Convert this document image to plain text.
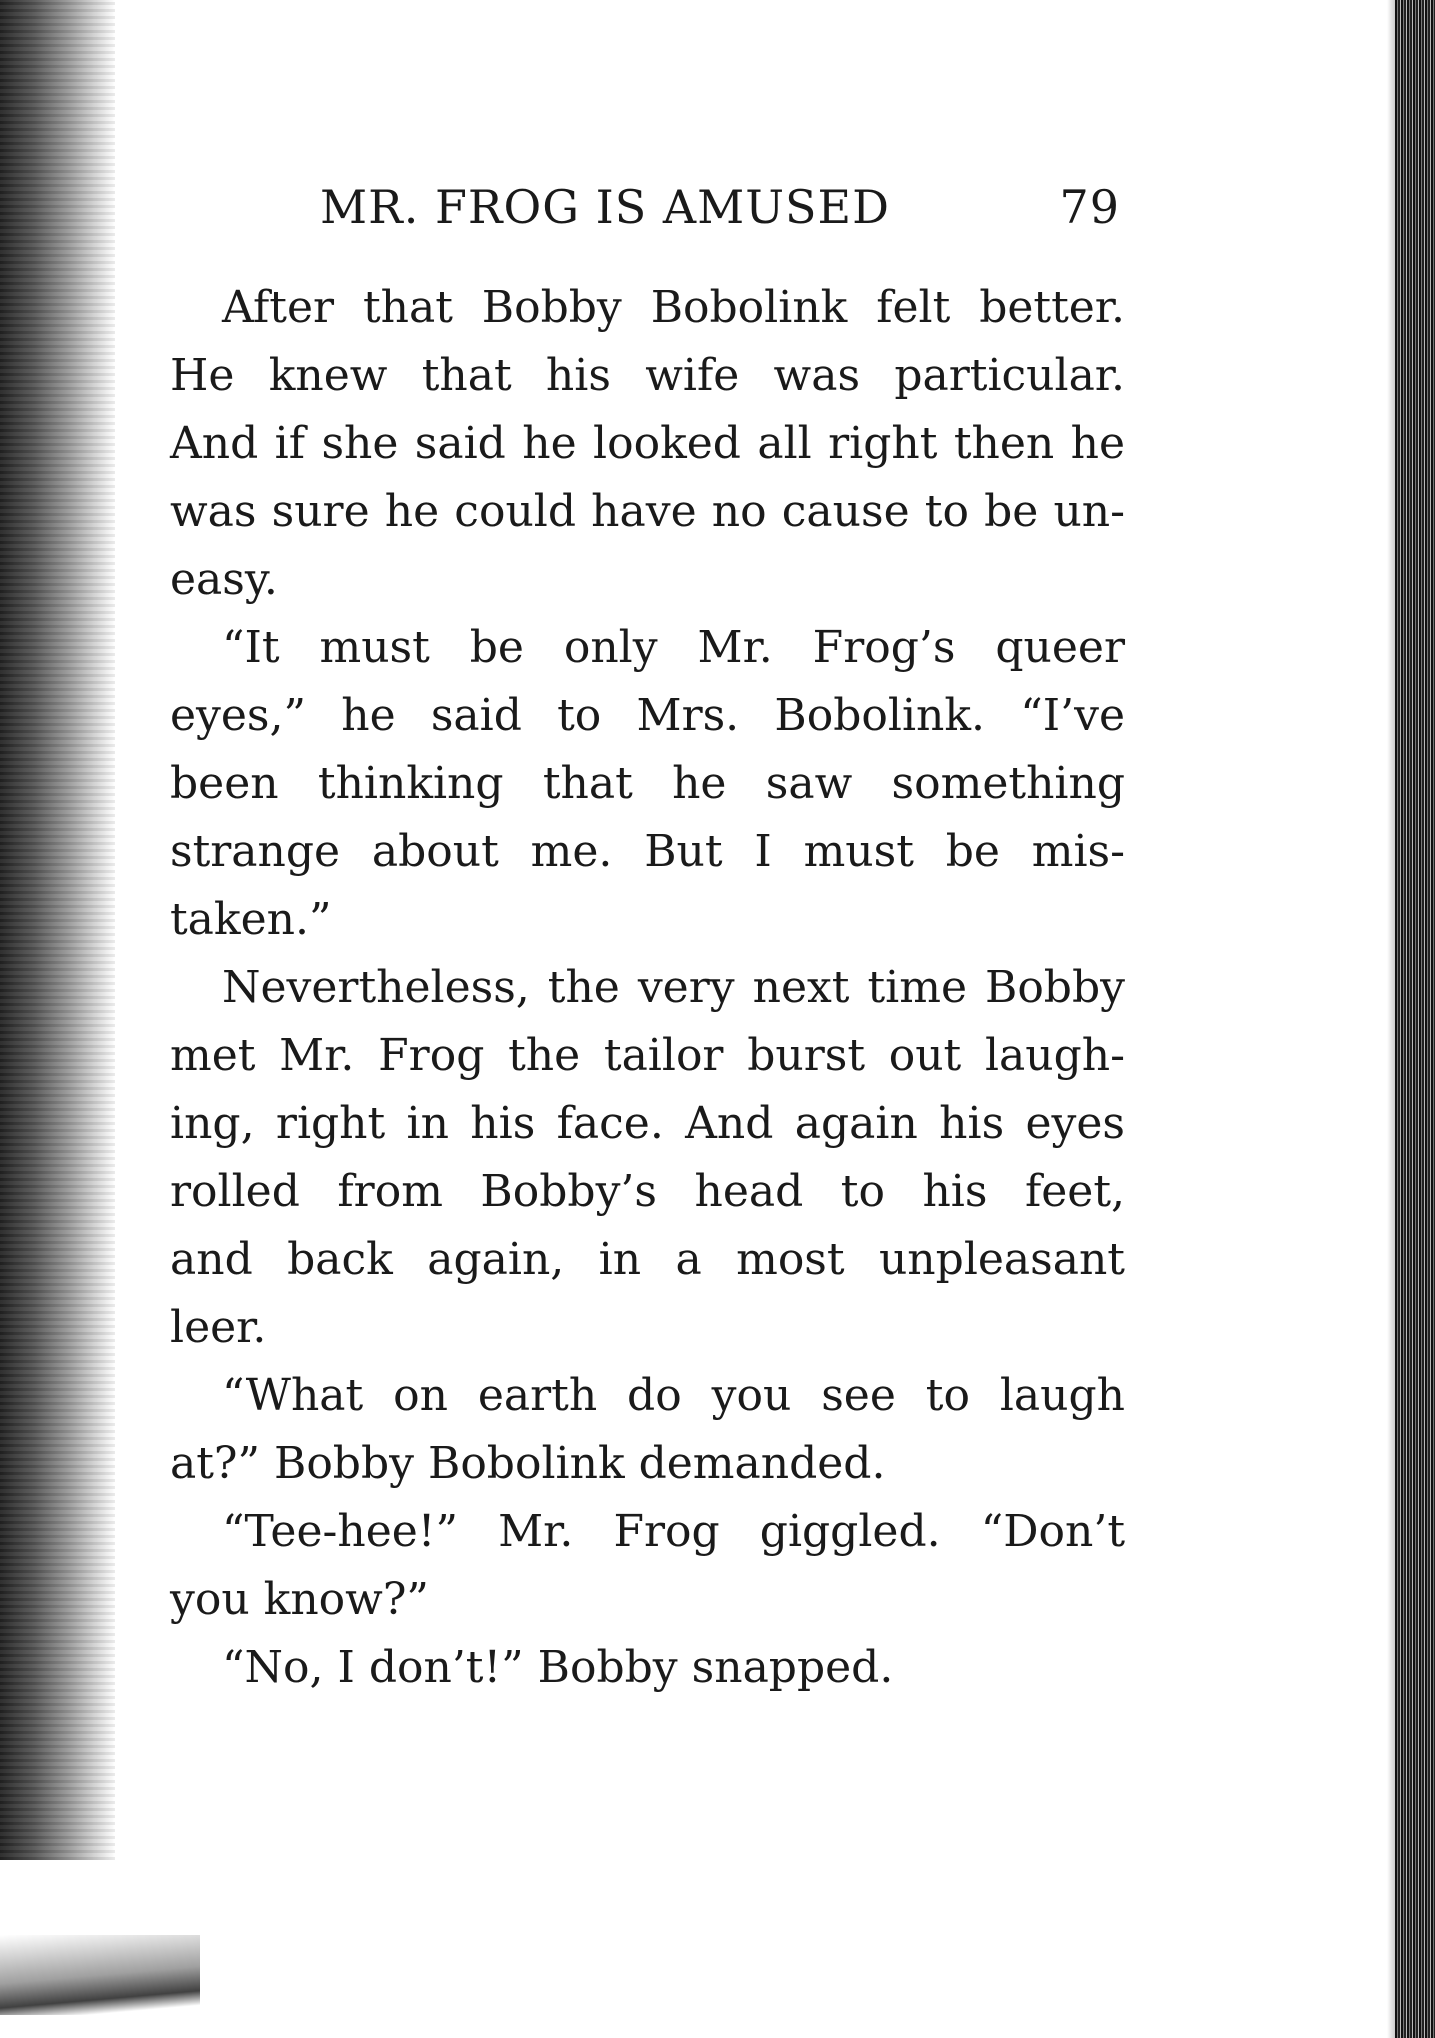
MR. FROG IS AMUSED	79

After that Bobby Bobolink felt better.
He knew that his wife was particular.
And if she said he looked all right then he
was sure he could have no cause to be un-
easy.

“It must be only Mr. Frog’s queer
eyes,” he said to Mrs. Bobolink. “I’ve
been thinking that he saw something
strange about me. But I must be mis-
taken.”

Nevertheless, the very next time Bobby
met Mr. Frog the tailor burst out laugh-
ing, right in his face. And again his eyes
rolled from Bobby’s head to his feet,
and back again, in a most unpleasant
leer.

“What on earth do you see to laugh
at?” Bobby Bobolink demanded.

“Tee-hee!” Mr. Frog giggled. “Don’t
you know?”

“No, I don’t!” Bobby snapped.
